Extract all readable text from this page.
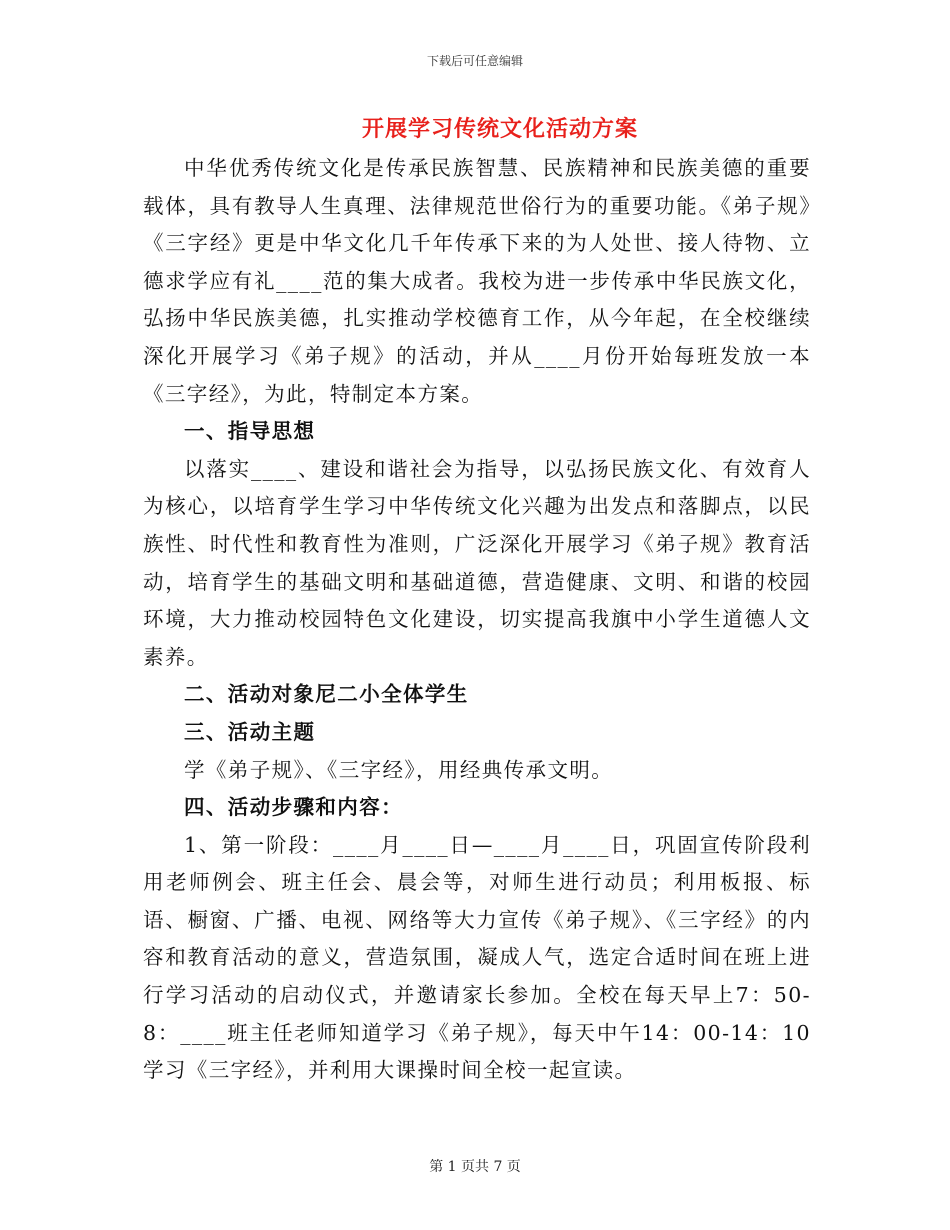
下载后可任意编辑
开展学习传统文化活动方案

中华优秀传统文化是传承民族智慧、民族精神和民族美德的重要载体，具有教导人生真理、法律规范世俗行为的重要功能。《弟子规》《三字经》更是中华文化几千年传承下来的为人处世、接人待物、立德求学应有礼____范的集大成者。我校为进一步传承中华民族文化，弘扬中华民族美德，扎实推动学校德育工作，从今年起，在全校继续深化开展学习《弟子规》的活动，并从____月份开始每班发放一本《三字经》，为此，特制定本方案。

一、指导思想

以落实____、建设和谐社会为指导，以弘扬民族文化、有效育人为核心，以培育学生学习中华传统文化兴趣为出发点和落脚点，以民族性、时代性和教育性为准则，广泛深化开展学习《弟子规》教育活动，培育学生的基础文明和基础道德，营造健康、文明、和谐的校园环境，大力推动校园特色文化建设，切实提高我旗中小学生道德人文素养。

二、活动对象尼二小全体学生

三、活动主题

学《弟子规》、《三字经》，用经典传承文明。

四、活动步骤和内容：

1、第一阶段：____月____日—____月____日，巩固宣传阶段利用老师例会、班主任会、晨会等，对师生进行动员；利用板报、标语、橱窗、广播、电视、网络等大力宣传《弟子规》、《三字经》的内容和教育活动的意义，营造氛围，凝成人气，选定合适时间在班上进行学习活动的启动仪式，并邀请家长参加。全校在每天早上7：50-8：____班主任老师知道学习《弟子规》，每天中午14：00-14：10学习《三字经》，并利用大课操时间全校一起宣读。

第 1 页共 7 页
